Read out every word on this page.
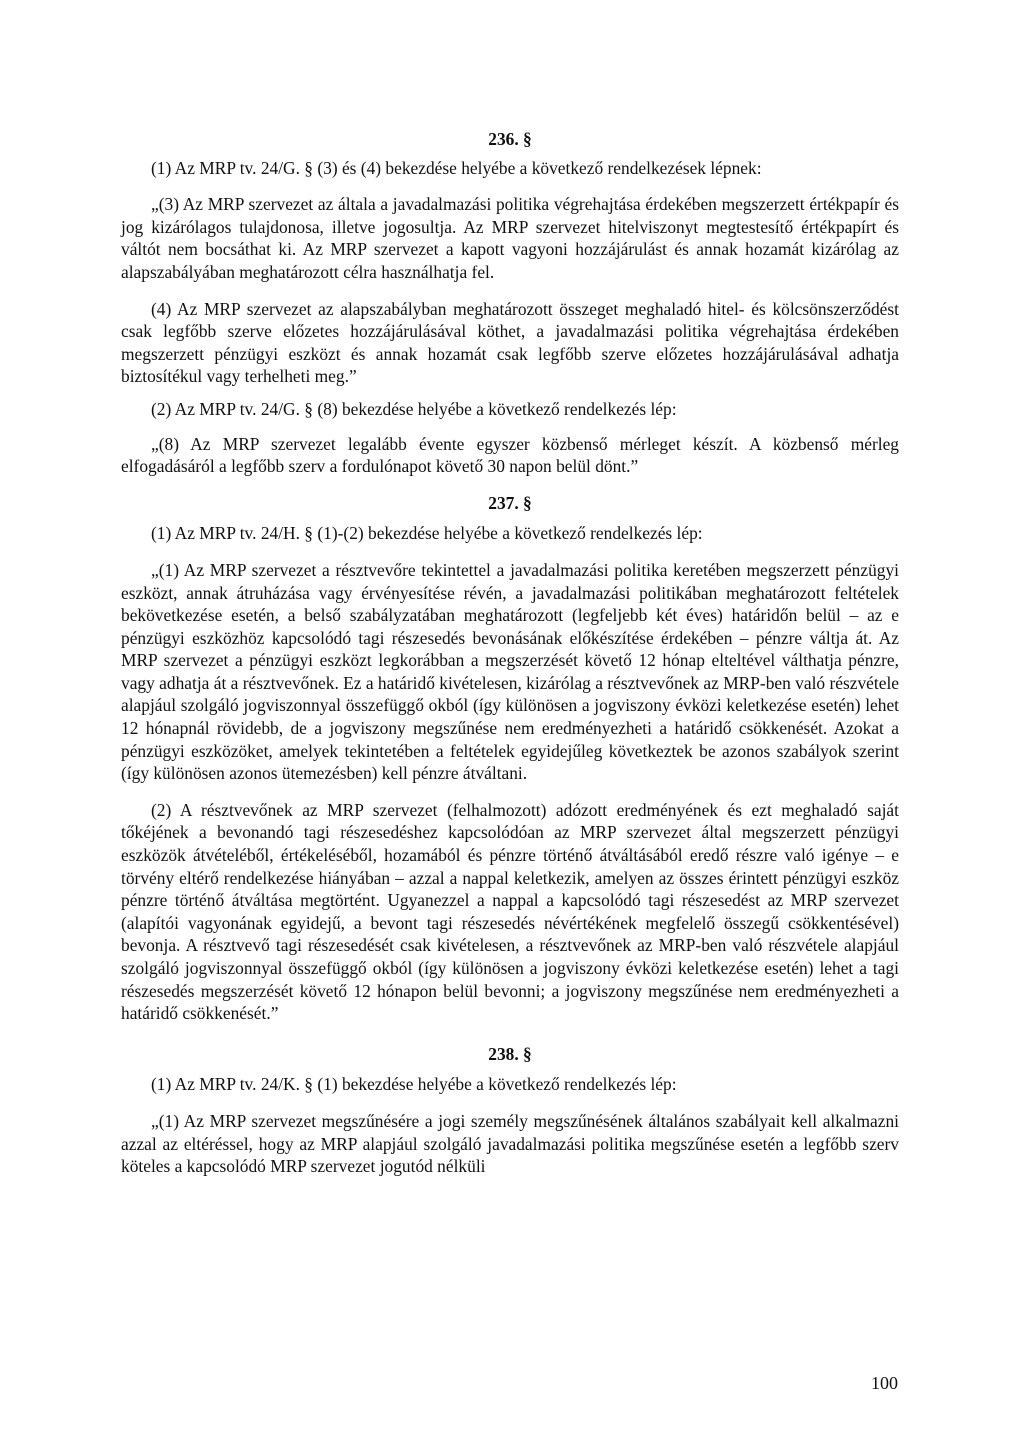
236. §

(1) Az MRP tv. 24/G. § (3) és (4) bekezdése helyébe a következő rendelkezések lépnek:

„(3) Az MRP szervezet az általa a javadalmazási politika végrehajtása érdekében megszerzett értékpapír és jog kizárólagos tulajdonosa, illetve jogosultja. Az MRP szervezet hitelviszonyt megtestesítő értékpapírt és váltót nem bocsáthat ki. Az MRP szervezet a kapott vagyoni hozzájárulást és annak hozamát kizárólag az alapszabályában meghatározott célra használhatja fel.

(4) Az MRP szervezet az alapszabályban meghatározott összeget meghaladó hitel- és kölcsönszerződést csak legfőbb szerve előzetes hozzájárulásával köthet, a javadalmazási politika végrehajtása érdekében megszerzett pénzügyi eszközt és annak hozamát csak legfőbb szerve előzetes hozzájárulásával adhatja biztosítékul vagy terhelheti meg.”

(2) Az MRP tv. 24/G. § (8) bekezdése helyébe a következő rendelkezés lép:

„(8) Az MRP szervezet legalább évente egyszer közbenső mérleget készít. A közbenső mérleg elfogadásáról a legfőbb szerv a fordulónapot követő 30 napon belül dönt.”

237. §

(1) Az MRP tv. 24/H. § (1)-(2) bekezdése helyébe a következő rendelkezés lép:

„(1) Az MRP szervezet a résztvevőre tekintettel a javadalmazási politika keretében megszerzett pénzügyi eszközt, annak átruházása vagy érvényesítése révén, a javadalmazási politikában meghatározott feltételek bekövetkezése esetén, a belső szabályzatában meghatározott (legfeljebb két éves) határidőn belül – az e pénzügyi eszközhöz kapcsolódó tagi részesedés bevonásának előkészítése érdekében – pénzre váltja át. Az MRP szervezet a pénzügyi eszközt legkorábban a megszerzését követő 12 hónap elteltével válthatja pénzre, vagy adhatja át a résztvevőnek. Ez a határidő kivételesen, kizárólag a résztvevőnek az MRP-ben való részvétele alapjául szolgáló jogviszonnyal összefüggő okból (így különösen a jogviszony évközi keletkezése esetén) lehet 12 hónapnál rövidebb, de a jogviszony megszűnése nem eredményezheti a határidő csökkenését. Azokat a pénzügyi eszközöket, amelyek tekintetében a feltételek egyidejűleg következtek be azonos szabályok szerint (így különösen azonos ütemezésben) kell pénzre átváltani.

(2) A résztvevőnek az MRP szervezet (felhalmozott) adózott eredményének és ezt meghaladó saját tőkéjének a bevonandó tagi részesedéshez kapcsolódóan az MRP szervezet által megszerzett pénzügyi eszközök átvételéből, értékeléséből, hozamából és pénzre történő átváltásából eredő részre való igénye – e törvény eltérő rendelkezése hiányában – azzal a nappal keletkezik, amelyen az összes érintett pénzügyi eszköz pénzre történő átváltása megtörtént. Ugyanezzel a nappal a kapcsolódó tagi részesedést az MRP szervezet (alapítói vagyonának egyidejű, a bevont tagi részesedés névértékének megfelelő összegű csökkentésével) bevonja. A résztvevő tagi részesedését csak kivételesen, a résztvevőnek az MRP-ben való részvétele alapjául szolgáló jogviszonnyal összefüggő okból (így különösen a jogviszony évközi keletkezése esetén) lehet a tagi részesedés megszerzését követő 12 hónapon belül bevonni; a jogviszony megszűnése nem eredményezheti a határidő csökkenését.”

238. §

(1) Az MRP tv. 24/K. § (1) bekezdése helyébe a következő rendelkezés lép:

„(1) Az MRP szervezet megszűnésére a jogi személy megszűnésének általános szabályait kell alkalmazni azzal az eltéréssel, hogy az MRP alapjául szolgáló javadalmazási politika megszűnése esetén a legfőbb szerv köteles a kapcsolódó MRP szervezet jogutód nélküli

100
